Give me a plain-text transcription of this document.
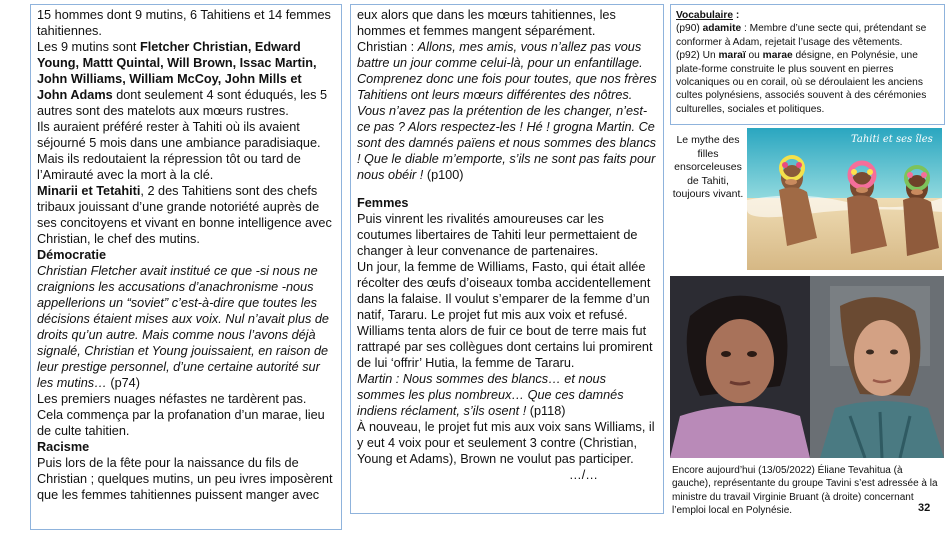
15 hommes dont 9 mutins, 6 Tahitiens et 14 femmes tahitiennes.

Les 9 mutins sont Fletcher Christian, Edward Young, Mattt Quintal, Will Brown, Issac Martin, John Williams, William McCoy, John Mills et John Adams dont seulement 4 sont éduqués, les 5 autres sont des matelots aux mœurs rustres.

Ils auraient préféré rester à Tahiti où ils avaient séjourné 5 mois dans une ambiance paradisiaque.

Mais ils redoutaient la répression tôt ou tard de l’Amirauté avec la mort à la clé.

Minarii et Tetahiti, 2 des Tahitiens sont des chefs tribaux jouissant d’une grande notoriété auprès de ses concitoyens et vivant en bonne intelligence avec Christian, le chef des mutins.

Démocratie

Christian Fletcher avait institué ce que -si nous ne craignions les accusations d’anachronisme -nous appellerions un “soviet” c’est-à-dire que toutes les décisions étaient mises aux voix. Nul n’avait plus de droits qu’un autre. Mais comme nous l’avons déjà signalé, Christian et Young jouissaient, en raison de leur prestige personnel, d’une certaine autorité sur les mutins… (p74)

Les premiers nuages néfastes ne tardèrent pas.

Cela commença par la profanation d’un marae, lieu de culte tahitien.

Racisme

Puis lors de la fête pour la naissance du fils de Christian ; quelques mutins, un peu ivres imposèrent que les femmes tahitiennes puissent manger avec

eux alors que dans les mœurs tahitiennes, les hommes et femmes mangent séparément.

Christian : Allons, mes amis, vous n’allez pas vous battre un jour comme celui-là, pour un enfantillage. Comprenez donc une fois pour toutes, que nos frères Tahitiens ont leurs mœurs différentes des nôtres. Vous n’avez pas la prétention de les changer, n’est-ce pas ? Alors respectez-les ! Hé ! grogna Martin. Ce sont des damnés païens et nous sommes des blancs ! Que le diable m’emporte, s’ils ne sont pas faits pour nous obéir ! (p100)

Femmes

Puis vinrent les rivalités amoureuses car les coutumes libertaires de Tahiti leur permettaient de changer à leur convenance de partenaires.

Un jour, la femme de Williams, Fasto, qui était allée récolter des œufs d’oiseaux tomba accidentellement dans la falaise. Il voulut s’emparer de la femme d’un natif, Tararu. Le projet fut mis aux voix et refusé.

Williams tenta alors de fuir ce bout de terre mais fut rattrapé par ses collègues dont certains lui promirent de lui ‘offrir’ Hutia, la femme de Tararu.

Martin : Nous sommes des blancs… et nous sommes les plus nombreux… Que ces damnés indiens réclament, s’ils osent ! (p118)

À nouveau, le projet fut mis aux voix sans Williams, il y eut 4 voix pour et seulement 3 contre (Christian, Young et Adams), Brown ne voulut pas participer.

…/…

Vocabulaire :

(p90) adamite : Membre d’une secte qui, prétendant se conformer à Adam, rejetait l’usage des vêtements.

(p92) Un maraï ou marae désigne, en Polynésie, une plate-forme construite le plus souvent en pierres volcaniques ou en corail, où se déroulaient les anciens cultes polynésiens, associés souvent à des cérémonies culturelles, sociales et politiques.

Le mythe des filles ensorceleuses de Tahiti, toujours vivant.
Tahiti et ses îles
Encore aujourd’hui (13/05/2022) Éliane Tevahitua (à gauche), représentante du groupe Tavini s’est adressée à la ministre du travail Virginie Bruant (à droite) concernant l’emploi local en Polynésie.	32
